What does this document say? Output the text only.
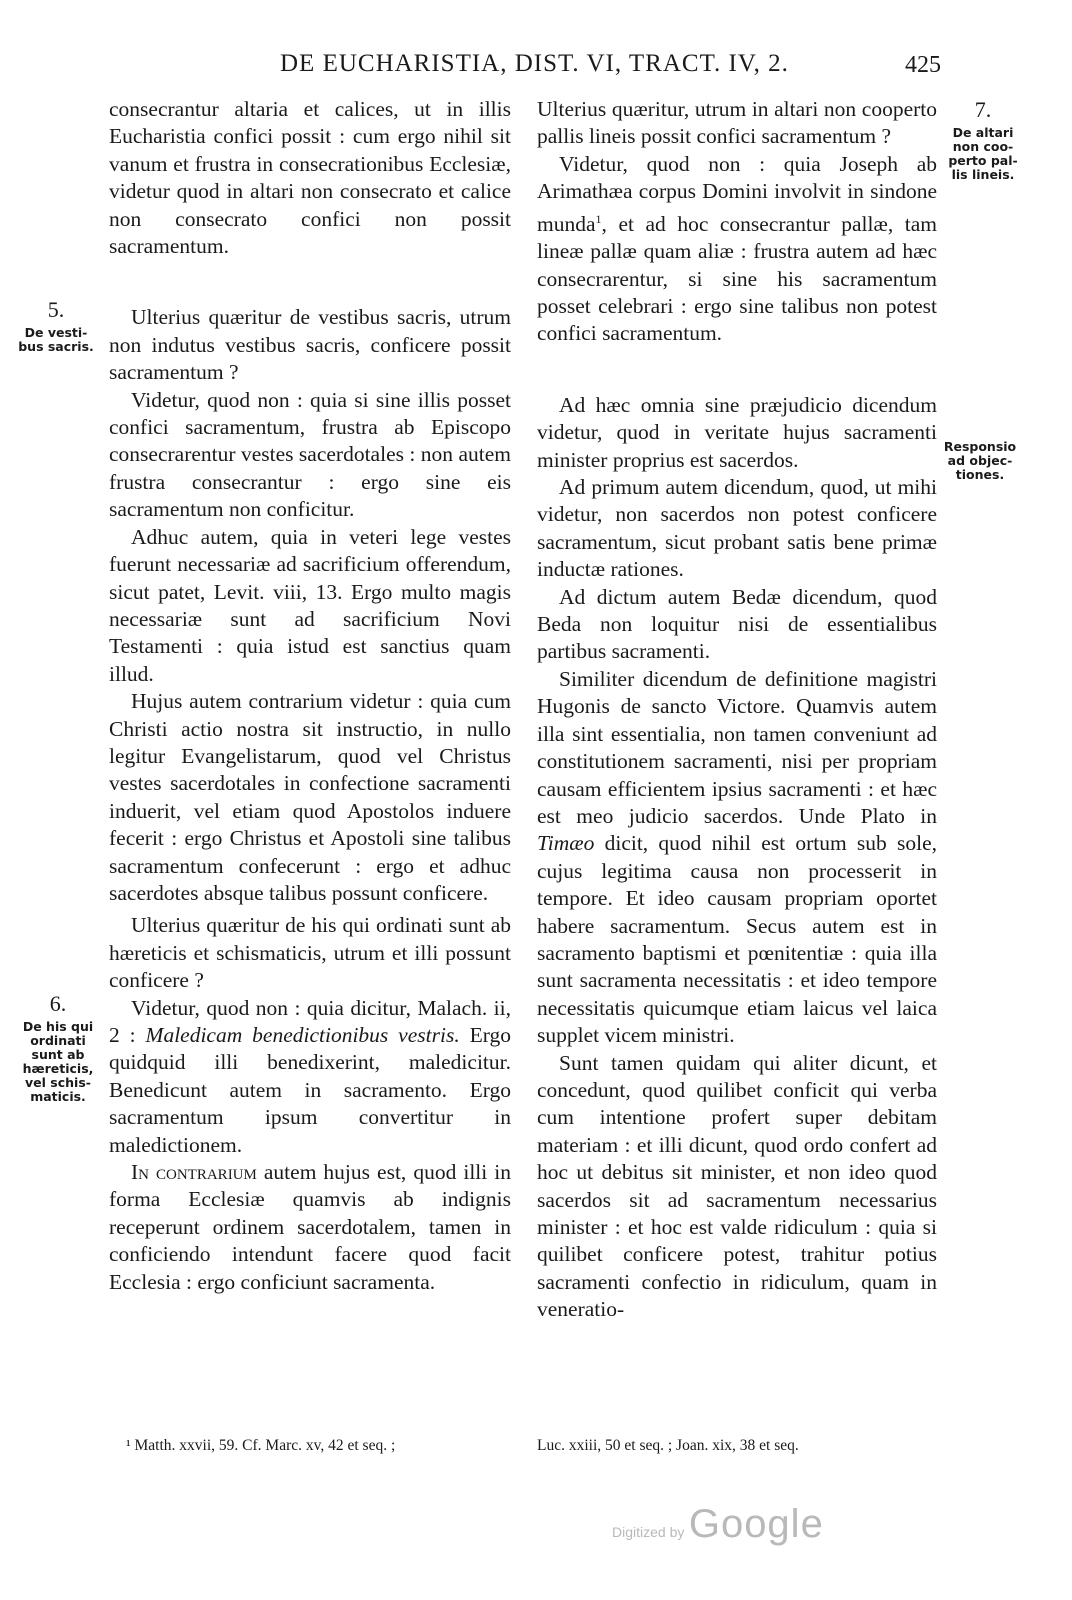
DE EUCHARISTIA, DIST. VI, TRACT. IV, 2.	425
5.
De vesti-
bus sacris.
6.
De his qui
ordinati
sunt ab
hæreticis,
vel schis-
maticis.
7.
De altari
non coo-
perto pal-
lis lineis.
Responsio
ad objec-
tiones.

consecrantur altaria et calices, ut in illis Eucharistia confici possit : cum ergo nihil sit vanum et frustra in consecrationibus Ecclesiæ, videtur quod in altari non consecrato et calice non consecrato confici non possit sacramentum.

Ulterius quæritur de vestibus sacris, utrum non indutus vestibus sacris, conficere possit sacramentum ?

Videtur, quod non : quia si sine illis posset confici sacramentum, frustra ab Episcopo consecrarentur vestes sacerdotales : non autem frustra consecrantur : ergo sine eis sacramentum non conficitur.

Adhuc autem, quia in veteri lege vestes fuerunt necessariæ ad sacrificium offerendum, sicut patet, Levit. viii, 13. Ergo multo magis necessariæ sunt ad sacrificium Novi Testamenti : quia istud est sanctius quam illud.

Hujus autem contrarium videtur : quia cum Christi actio nostra sit instructio, in nullo legitur Evangelistarum, quod vel Christus vestes sacerdotales in confectione sacramenti induerit, vel etiam quod Apostolos induere fecerit : ergo Christus et Apostoli sine talibus sacramentum confecerunt : ergo et adhuc sacerdotes absque talibus possunt conficere.

Ulterius quæritur de his qui ordinati sunt ab hæreticis et schismaticis, utrum et illi possunt conficere ?

Videtur, quod non : quia dicitur, Malach. ii, 2 : Maledicam benedictionibus vestris. Ergo quidquid illi benedixerint, maledicitur. Benedicunt autem in sacramento. Ergo sacramentum ipsum convertitur in maledictionem.

In contrarium autem hujus est, quod illi in forma Ecclesiæ quamvis ab indignis receperunt ordinem sacerdotalem, tamen in conficiendo intendunt facere quod facit Ecclesia : ergo conficiunt sacramenta.

Ulterius quæritur, utrum in altari non cooperto pallis lineis possit confici sacramentum ?

Videtur, quod non : quia Joseph ab Arimathæa corpus Domini involvit in sindone munda$^1$, et ad hoc consecrantur pallæ, tam lineæ pallæ quam aliæ : frustra autem ad hæc consecrarentur, si sine his sacramentum posset celebrari : ergo sine talibus non potest confici sacramentum.

Ad hæc omnia sine præjudicio dicendum videtur, quod in veritate hujus sacramenti minister proprius est sacerdos.

Ad primum autem dicendum, quod, ut mihi videtur, non sacerdos non potest conficere sacramentum, sicut probant satis bene primæ inductæ rationes.

Ad dictum autem Bedæ dicendum, quod Beda non loquitur nisi de essentialibus partibus sacramenti.

Similiter dicendum de definitione magistri Hugonis de sancto Victore. Quamvis autem illa sint essentialia, non tamen conveniunt ad constitutionem sacramenti, nisi per propriam causam efficientem ipsius sacramenti : et hæc est meo judicio sacerdos. Unde Plato in Timæo dicit, quod nihil est ortum sub sole, cujus legitima causa non processerit in tempore. Et ideo causam propriam oportet habere sacramentum. Secus autem est in sacramento baptismi et pœnitentiæ : quia illa sunt sacramenta necessitatis : et ideo tempore necessitatis quicumque etiam laicus vel laica supplet vicem ministri.

Sunt tamen quidam qui aliter dicunt, et concedunt, quod quilibet conficit qui verba cum intentione profert super debitam materiam : et illi dicunt, quod ordo confert ad hoc ut debitus sit minister, et non ideo quod sacerdos sit ad sacramentum necessarius minister : et hoc est valde ridiculum : quia si quilibet conficere potest, trahitur potius sacramenti confectio in ridiculum, quam in veneratio-

¹ Matth. xxvii, 59. Cf. Marc. xv, 42 et seq. ;	Luc. xxiii, 50 et seq. ; Joan. xix, 38 et seq.
Digitized by Google
